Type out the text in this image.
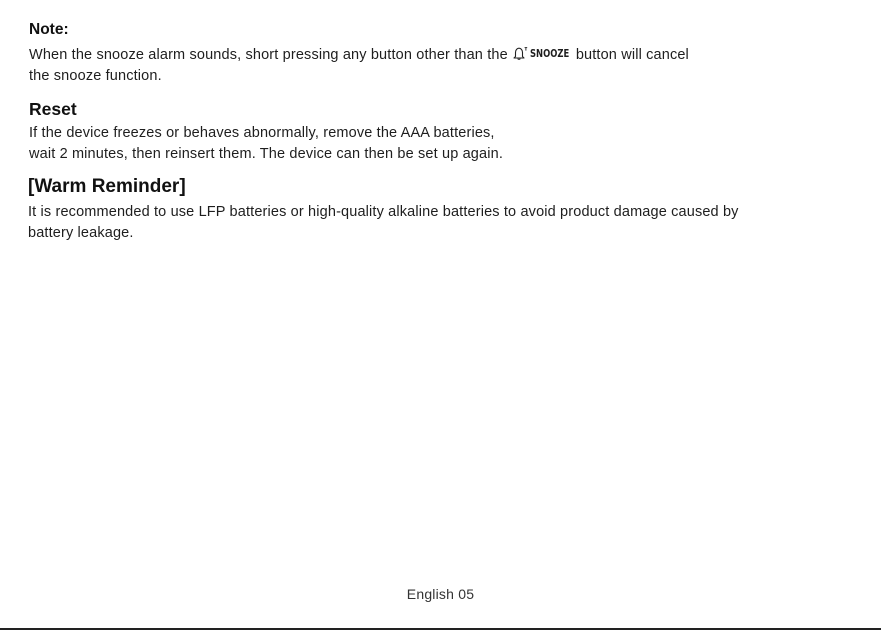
Note:
When the snooze alarm sounds, short pressing any button other than the SNOOZE button will cancel
the snooze function.
Reset
If the device freezes or behaves abnormally, remove the AAA batteries,
wait 2 minutes, then reinsert them. The device can then be set up again.
[Warm Reminder]
It is recommended to use LFP batteries or high-quality alkaline batteries to avoid product damage caused by
battery leakage.
English 05
